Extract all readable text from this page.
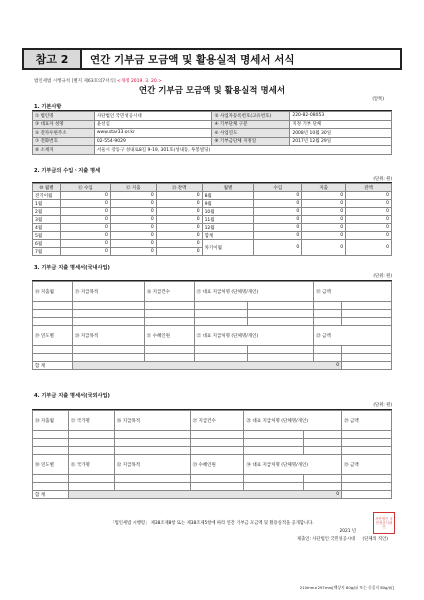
참고 2	연간 기부금 모금액 및 활용실적 명세서 서식
법인세법 시행규칙 [별지 제63호의7서식] <개정 2019. 3. 20.>
연간 기부금 모금액 및 활용실적 명세서
(앞쪽)
1. 기본사항
① 법인명	사단법인 국민성공시대	② 사업자등록번호(고유번호)	220-82-08053
③ 대표자 성명	윤선심	④ 기부단체 구분	지정 기부 단체
⑤ 전자우편주소	www.star33.or.kr	⑥ 사업연도	2008년 10월 30일
⑦ 전화번호	02-554-9029	⑧ 기부금단체 지정일	2017년 12월 29일
⑨ 소재지	서울시 강동구 성내로8길 9-19, 301호(성내동, 투봉빌딩)		
2. 기부금의 수입ㆍ지출 명세
(단위: 원)
⑩ 월별	⑪ 수입	⑫ 지출	⑬ 잔액	월별	수입	지출	잔액
전기이월	0	0	0	8월	0	0	0
1월	0	0	0	9월	0	0	0
2월	0	0	0	10월	0	0	0
3월	0	0	0	11월	0	0	0
4월	0	0	0	12월	0	0	0
5월	0	0	0	합계	0	0	0
6월	0	0	0	차기이월	0	0	0
7월	0	0	0				
3. 기부금 지출 명세서(국내사업)
(단위: 원)
⑭ 지출월	⑮ 지급목적	⑯ 지급건수	⑰ 대표 지급처명 (단체명/개인)		⑱ 금액	

⑲ 연도별	⑳ 지급목적	㉑ 수혜인원	㉒ 대표 지급처명 (단체명/개인)		㉓ 금액	

합 계	0					
4. 기부금 지출 명세서(국외사업)
(단위: 원)
㉔ 지출월	㉕ 국가명	㉖ 지급목적	㉗ 지급건수	㉘ 대표 지급처명 (단체명/개인)		㉙ 금액

㉚ 연도별	㉛ 국가명	㉜ 지급목적	㉝ 수혜인원	㉞ 대표 지급처명 (단체명/개인)		㉟ 금액

합 계	0					
「법인세법 시행령」 제38조제8항 또는 제38조제5항에 따라 연간 기부금 모금액 및 활용실적을 공개합니다.
2021 년
제출인: 사단법인 국민성공시대 (단체의 직인)
사단법인 국민성공시대 인
210mm×297mm[백상지 80g/㎡ 또는 중질지 80g/㎡]
